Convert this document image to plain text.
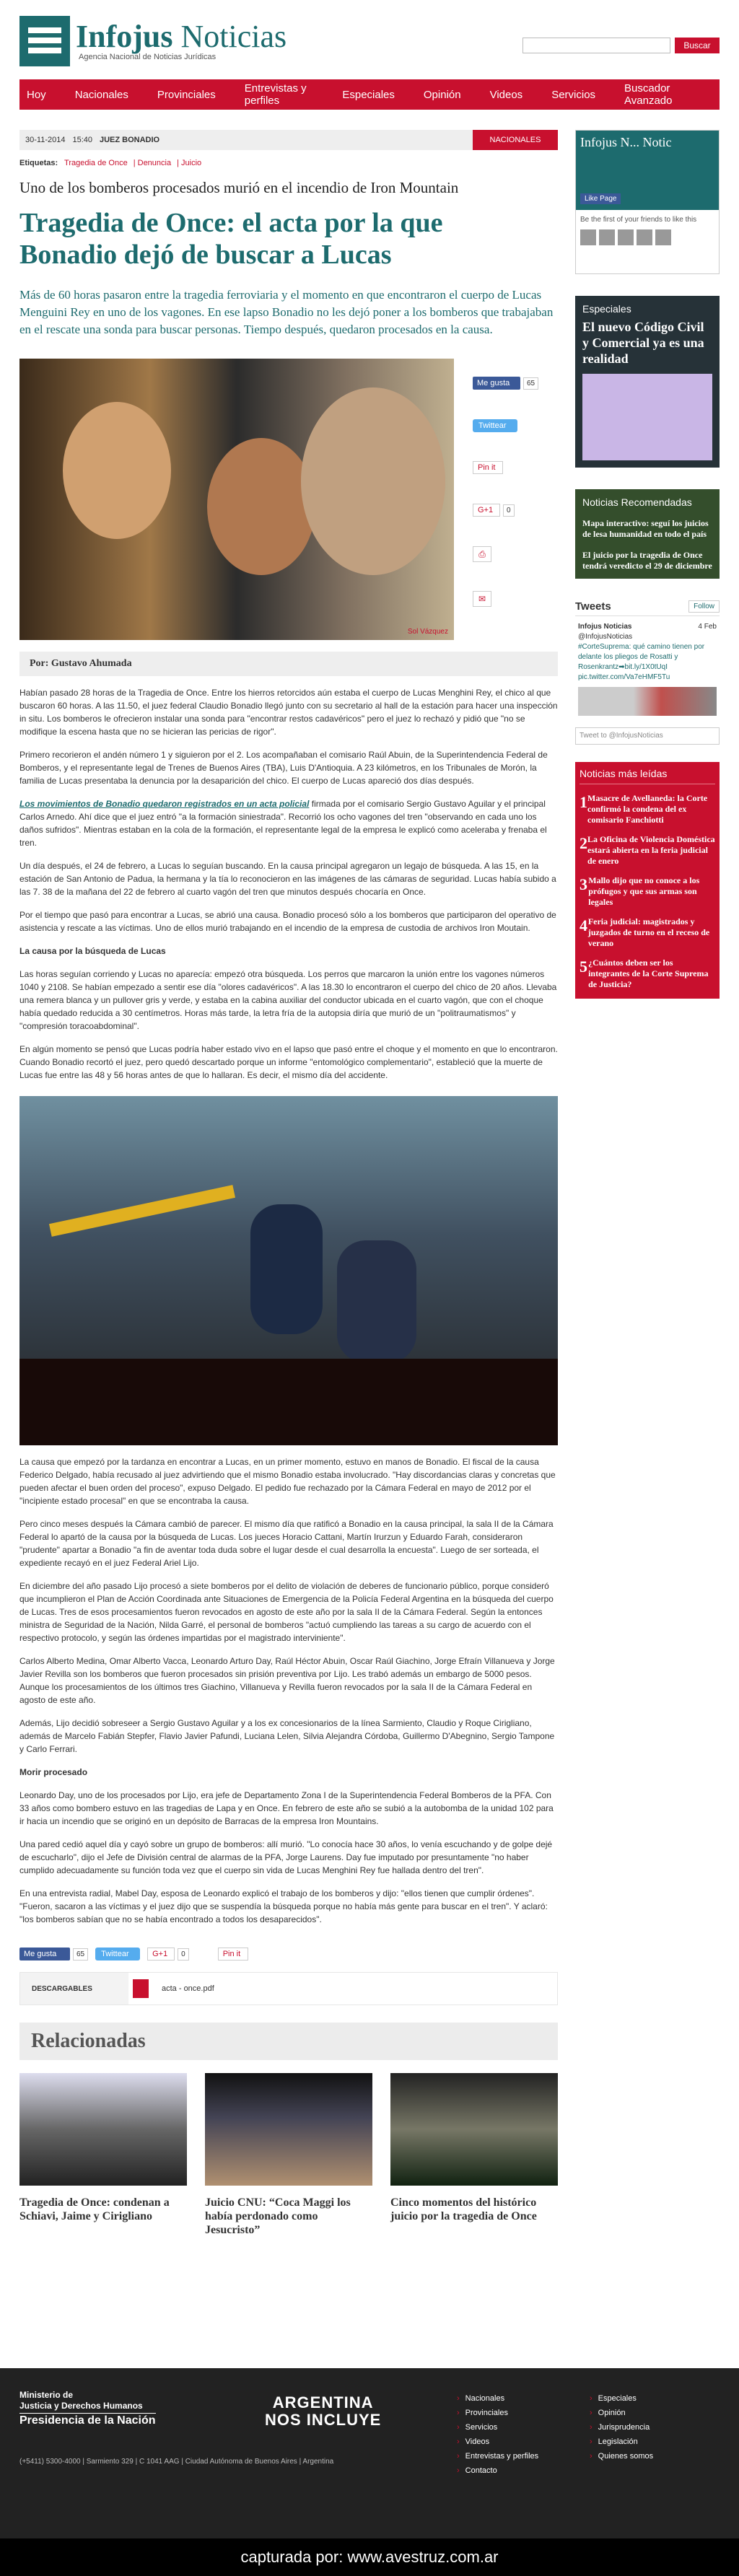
Infojus Noticias
Agencia Nacional de Noticias Jurídicas
Buscar
Hoy	Nacionales	Provinciales	Entrevistas y perfiles	Especiales	Opinión	Videos	Servicios	Buscador Avanzado
30-11-2014 15:40 JUEZ BONADIO	NACIONALES
Etiquetas: Tragedia de Once | Denuncia | Juicio
Uno de los bomberos procesados murió en el incendio de Iron Mountain
Tragedia de Once: el acta por la que Bonadio dejó de buscar a Lucas
Más de 60 horas pasaron entre la tragedia ferroviaria y el momento en que encontraron el cuerpo de Lucas Menguini Rey en uno de los vagones. En ese lapso Bonadio no les dejó poner a los bomberos que trabajaban en el rescate una sonda para buscar personas. Tiempo después, quedaron procesados en la causa.
Sol Vázquez
Me gusta	65
Twittear
Pin it
G+1	0
⎙
✉
Por: Gustavo Ahumada

Habían pasado 28 horas de la Tragedia de Once. Entre los hierros retorcidos aún estaba el cuerpo de Lucas Menghini Rey, el chico al que buscaron 60 horas. A las 11.50, el juez federal Claudio Bonadio llegó junto con su secretario al hall de la estación para hacer una inspección in situ. Los bomberos le ofrecieron instalar una sonda para "encontrar restos cadavéricos" pero el juez lo rechazó y pidió que "no se modifique la escena hasta que no se hicieran las pericias de rigor".

Primero recorieron el andén número 1 y siguieron por el 2. Los acompañaban el comisario Raúl Abuin, de la Superintendencia Federal de Bomberos, y el representante legal de Trenes de Buenos Aires (TBA), Luis D'Antioquia. A 23 kilómetros, en los Tribunales de Morón, la familia de Lucas presentaba la denuncia por la desaparición del chico. El cuerpo de Lucas apareció dos días después.

Los movimientos de Bonadio quedaron registrados en un acta policial firmada por el comisario Sergio Gustavo Aguilar y el principal Carlos Arnedo. Ahí dice que el juez entró "a la formación siniestrada". Recorrió los ocho vagones del tren "observando en cada uno los daños sufridos". Mientras estaban en la cola de la formación, el representante legal de la empresa le explicó como aceleraba y frenaba el tren.

Un día después, el 24 de febrero, a Lucas lo seguían buscando. En la causa principal agregaron un legajo de búsqueda. A las 15, en la estación de San Antonio de Padua, la hermana y la tía lo reconocieron en las imágenes de las cámaras de seguridad. Lucas había subido a las 7. 38 de la mañana del 22 de febrero al cuarto vagón del tren que minutos después chocaría en Once.

Por el tiempo que pasó para encontrar a Lucas, se abrió una causa. Bonadio procesó sólo a los bomberos que participaron del operativo de asistencia y rescate a las víctimas. Uno de ellos murió trabajando en el incendio de la empresa de custodia de archivos Iron Moutain.

La causa por la búsqueda de Lucas

Las horas seguían corriendo y Lucas no aparecía: empezó otra búsqueda. Los perros que marcaron la unión entre los vagones números 1040 y 2108. Se habían empezado a sentir ese día "olores cadavéricos". A las 18.30 lo encontraron el cuerpo del chico de 20 años. Llevaba una remera blanca y un pullover gris y verde, y estaba en la cabina auxiliar del conductor ubicada en el cuarto vagón, que con el choque había quedado reducida a 30 centímetros. Horas más tarde, la letra fría de la autopsia diría que murió de un "politraumatismos" y "compresión toracoabdominal".

En algún momento se pensó que Lucas podría haber estado vivo en el lapso que pasó entre el choque y el momento en que lo encontraron. Cuando Bonadio recortó el juez, pero quedó descartado porque un informe "entomológico complementario", estableció que la muerte de Lucas fue entre las 48 y 56 horas antes de que lo hallaran. Es decir, el mismo día del accidente.

La causa que empezó por la tardanza en encontrar a Lucas, en un primer momento, estuvo en manos de Bonadio. El fiscal de la causa Federico Delgado, había recusado al juez advirtiendo que el mismo Bonadio estaba involucrado. "Hay discordancias claras y concretas que pueden afectar el buen orden del proceso", expuso Delgado. El pedido fue rechazado por la Cámara Federal en mayo de 2012 por el "incipiente estado procesal" en que se encontraba la causa.

Pero cinco meses después la Cámara cambió de parecer. El mismo día que ratificó a Bonadio en la causa principal, la sala II de la Cámara Federal lo apartó de la causa por la búsqueda de Lucas. Los jueces Horacio Cattani, Martín Irurzun y Eduardo Farah, consideraron "prudente" apartar a Bonadio "a fin de aventar toda duda sobre el lugar desde el cual desarrolla la encuesta". Luego de ser sorteada, el expediente recayó en el juez Federal Ariel Lijo.

En diciembre del año pasado Lijo procesó a siete bomberos por el delito de violación de deberes de funcionario público, porque consideró que incumplieron el Plan de Acción Coordinada ante Situaciones de Emergencia de la Policía Federal Argentina en la búsqueda del cuerpo de Lucas. Tres de esos procesamientos fueron revocados en agosto de este año por la sala II de la Cámara Federal. Según la entonces ministra de Seguridad de la Nación, Nilda Garré, el personal de bomberos "actuó cumpliendo las tareas a su cargo de acuerdo con el respectivo protocolo, y según las órdenes impartidas por el magistrado interviniente".

Carlos Alberto Medina, Omar Alberto Vacca, Leonardo Arturo Day, Raúl Héctor Abuin, Oscar Raúl Giachino, Jorge Efraín Villanueva y Jorge Javier Revilla son los bomberos que fueron procesados sin prisión preventiva por Lijo. Les trabó además un embargo de 5000 pesos. Aunque los procesamientos de los últimos tres Giachino, Villanueva y Revilla fueron revocados por la sala II de la Cámara Federal en agosto de este año.

Además, Lijo decidió sobreseer a Sergio Gustavo Aguilar y a los ex concesionarios de la línea Sarmiento, Claudio y Roque Cirigliano, además de Marcelo Fabián Stepfer, Flavio Javier Pafundi, Luciana Lelen, Silvia Alejandra Córdoba, Guillermo D'Abegnino, Sergio Tampone y Carlo Ferrari.

Morir procesado

Leonardo Day, uno de los procesados por Lijo, era jefe de Departamento Zona I de la Superintendencia Federal Bomberos de la PFA. Con 33 años como bombero estuvo en las tragedias de Lapa y en Once. En febrero de este año se subió a la autobomba de la unidad 102 para ir hacia un incendio que se originó en un depósito de Barracas de la empresa Iron Mountains.

Una pared cedió aquel día y cayó sobre un grupo de bomberos: allí murió. "Lo conocía hace 30 años, lo venía escuchando y de golpe dejé de escucharlo", dijo el Jefe de División central de alarmas de la PFA, Jorge Laurens. Day fue imputado por presuntamente "no haber cumplido adecuadamente su función toda vez que el cuerpo sin vida de Lucas Menghini Rey fue hallada dentro del tren".

En una entrevista radial, Mabel Day, esposa de Leonardo explicó el trabajo de los bomberos y dijo: "ellos tienen que cumplir órdenes". "Fueron, sacaron a las víctimas y el juez dijo que se suspendía la búsqueda porque no había más gente para buscar en el tren". Y aclaró: "los bomberos sabían que no se había encontrado a todos los desaparecidos".

Me gusta	65	Twittear	G+1	0	Pin it
DESCARGABLES	acta - once.pdf
Relacionadas
Tragedia de Once: condenan a Schiavi, Jaime y Cirigliano
Juicio CNU: “Coca Maggi los había perdonado como Jesucristo”
Cinco momentos del histórico juicio por la tragedia de Once
Infojus N... Notic
Like Page
Be the first of your friends to like this
Especiales
El nuevo Código Civil y Comercial ya es una realidad
Noticias Recomendadas
Mapa interactivo: seguí los juicios de lesa humanidad en todo el país
El juicio por la tragedia de Once tendrá veredicto el 29 de diciembre
Tweets	Follow
Infojus Noticias	4 Feb

@InfojusNoticias
#CorteSuprema: qué camino tienen por delante los pliegos de Rosatti y Rosenkrantz➡bit.ly/1X0tUqI pic.twitter.com/Va7eHMF5Tu
Tweet to @InfojusNoticias
Noticias más leídas
1 Masacre de Avellaneda: la Corte confirmó la condena del ex comisario Fanchiotti
2 La Oficina de Violencia Doméstica estará abierta en la feria judicial de enero
3 Mallo dijo que no conoce a los prófugos y que sus armas son legales
4 Feria judicial: magistrados y juzgados de turno en el receso de verano
5 ¿Cuántos deben ser los integrantes de la Corte Suprema de Justicia?
Ministerio de
Justicia y Derechos Humanos
Presidencia de la Nación
ARGENTINA
NOS INCLUYE
(+5411) 5300-4000 | Sarmiento 329 | C 1041 AAG | Ciudad Autónoma de Buenos Aires | Argentina
› Nacionales
› Provinciales
› Servicios
› Videos
› Entrevistas y perfiles
› Contacto
› Especiales
› Opinión
› Jurisprudencia
› Legislación
› Quienes somos
capturada por: www.avestruz.com.ar
